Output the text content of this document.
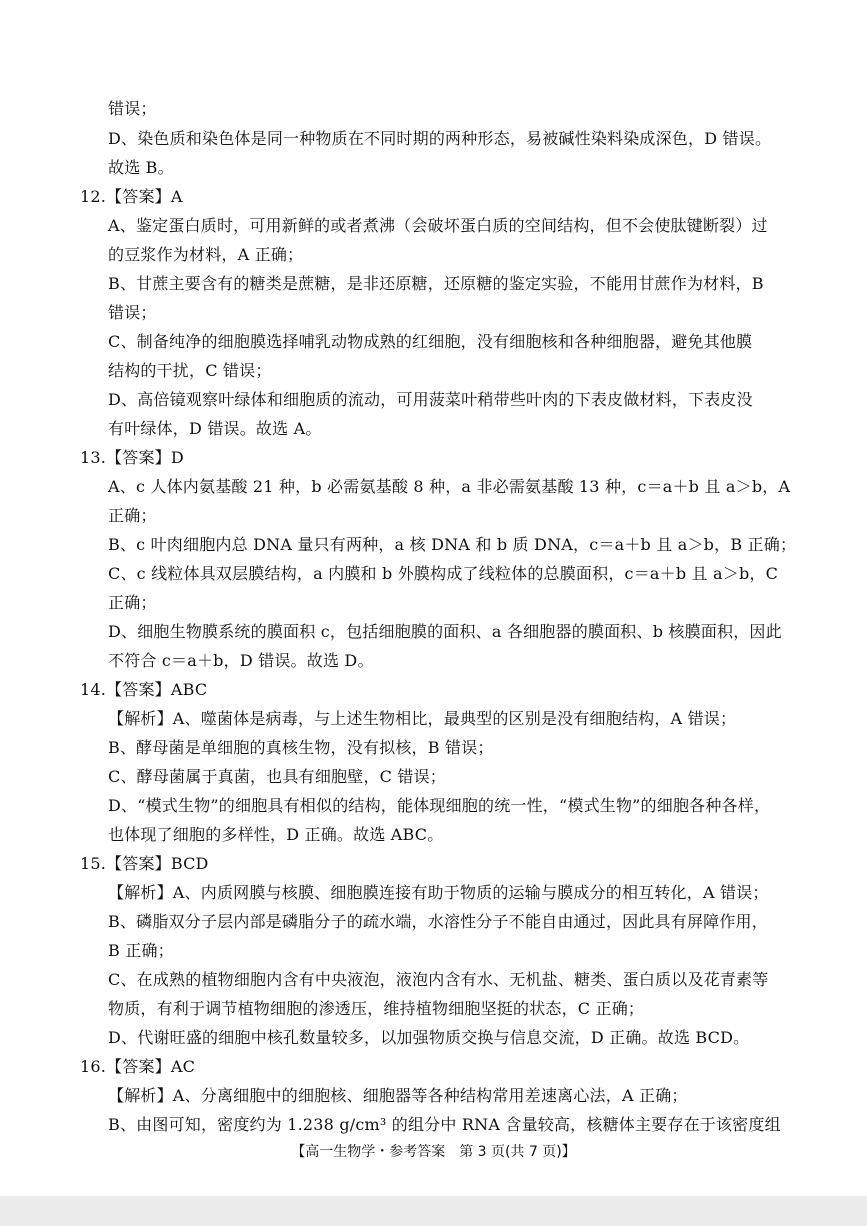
错误；
D、染色质和染色体是同一种物质在不同时期的两种形态，易被碱性染料染成深色，D 错误。
故选 B。
12.【答案】A
A、鉴定蛋白质时，可用新鲜的或者煮沸（会破坏蛋白质的空间结构，但不会使肽键断裂）过
的豆浆作为材料，A 正确；
B、甘蔗主要含有的糖类是蔗糖，是非还原糖，还原糖的鉴定实验，不能用甘蔗作为材料，B
错误；
C、制备纯净的细胞膜选择哺乳动物成熟的红细胞，没有细胞核和各种细胞器，避免其他膜
结构的干扰，C 错误；
D、高倍镜观察叶绿体和细胞质的流动，可用菠菜叶稍带些叶肉的下表皮做材料，下表皮没
有叶绿体，D 错误。故选 A。
13.【答案】D
A、c 人体内氨基酸 21 种，b 必需氨基酸 8 种，a 非必需氨基酸 13 种，c＝a＋b 且 a＞b，A
正确；
B、c 叶肉细胞内总 DNA 量只有两种，a 核 DNA 和 b 质 DNA，c＝a＋b 且 a＞b，B 正确；
C、c 线粒体具双层膜结构，a 内膜和 b 外膜构成了线粒体的总膜面积，c＝a＋b 且 a＞b，C
正确；
D、细胞生物膜系统的膜面积 c，包括细胞膜的面积、a 各细胞器的膜面积、b 核膜面积，因此
不符合 c＝a＋b，D 错误。故选 D。
14.【答案】ABC
【解析】A、噬菌体是病毒，与上述生物相比，最典型的区别是没有细胞结构，A 错误；
B、酵母菌是单细胞的真核生物，没有拟核，B 错误；
C、酵母菌属于真菌，也具有细胞壁，C 错误；
D、“模式生物”的细胞具有相似的结构，能体现细胞的统一性，“模式生物”的细胞各种各样，
也体现了细胞的多样性，D 正确。故选 ABC。
15.【答案】BCD
【解析】A、内质网膜与核膜、细胞膜连接有助于物质的运输与膜成分的相互转化，A 错误；
B、磷脂双分子层内部是磷脂分子的疏水端，水溶性分子不能自由通过，因此具有屏障作用，
B 正确；
C、在成熟的植物细胞内含有中央液泡，液泡内含有水、无机盐、糖类、蛋白质以及花青素等
物质，有利于调节植物细胞的渗透压，维持植物细胞坚挺的状态，C 正确；
D、代谢旺盛的细胞中核孔数量较多，以加强物质交换与信息交流，D 正确。故选 BCD。
16.【答案】AC
【解析】A、分离细胞中的细胞核、细胞器等各种结构常用差速离心法，A 正确；
B、由图可知，密度约为 1.238 g/cm³ 的组分中 RNA 含量较高，核糖体主要存在于该密度组
【高一生物学・参考答案　第 3 页(共 7 页)】
